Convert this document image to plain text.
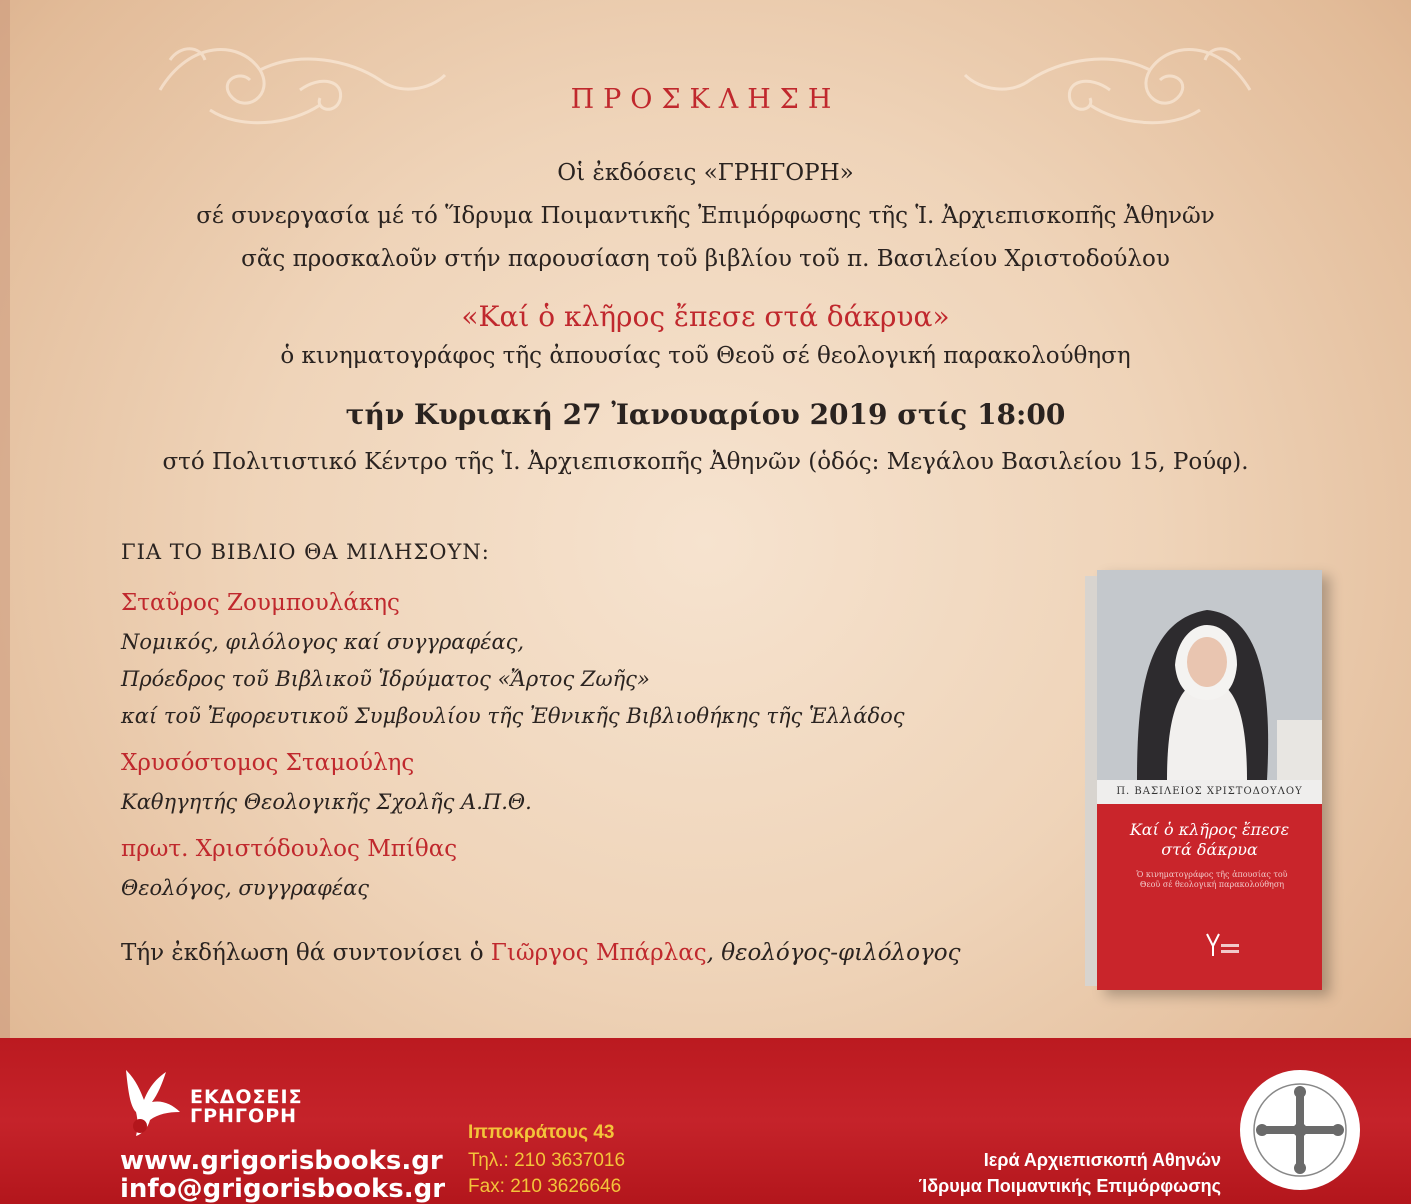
ΠΡΟΣΚΛΗΣΗ
Οἱ ἐκδόσεις «ΓΡΗΓΟΡΗ»
σέ συνεργασία μέ τό Ἵδρυμα Ποιμαντικῆς Ἐπιμόρφωσης τῆς Ἱ. Ἀρχιεπισκοπῆς Ἀθηνῶν
σᾶς προσκαλοῦν στήν παρουσίαση τοῦ βιβλίου τοῦ π. Βασιλείου Χριστοδούλου
«Καί ὁ κλῆρος ἔπεσε στά δάκρυα»
ὁ κινηματογράφος τῆς ἀπουσίας τοῦ Θεοῦ σέ θεολογική παρακολούθηση
τήν Κυριακή 27 Ἰανουαρίου 2019 στίς 18:00
στό Πολιτιστικό Κέντρο τῆς Ἱ. Ἀρχιεπισκοπῆς Ἀθηνῶν (ὁδός: Μεγάλου Βασιλείου 15, Ρούφ).
ΓΙΑ ΤΟ ΒΙΒΛΙΟ ΘΑ ΜΙΛΗΣΟΥΝ:
Σταῦρος Ζουμπουλάκης
Νομικός, φιλόλογος καί συγγραφέας,
Πρόεδρος τοῦ Βιβλικοῦ Ἱδρύματος «Ἄρτος Ζωῆς»
καί τοῦ Ἐφορευτικοῦ Συμβουλίου τῆς Ἐθνικῆς Βιβλιοθήκης τῆς Ἑλλάδος
Χρυσόστομος Σταμούλης
Καθηγητής Θεολογικῆς Σχολῆς Α.Π.Θ.
πρωτ. Χριστόδουλος Μπίθας
Θεολόγος, συγγραφέας
Τήν ἐκδήλωση θά συντονίσει ὁ Γιῶργος Μπάρλας, θεολόγος-φιλόλογος
Π. ΒΑΣΙΛΕΙΟΣ ΧΡΙΣΤΟΔΟΥΛΟΥ
Καί ὁ κλῆρος ἔπεσε
στά δάκρυα
Ὁ κινηματογράφος τῆς ἀπουσίας τοῦ Θεοῦ σέ θεολογική παρακολούθηση
ΕΚΔΟΣΕΙΣ
ΓΡΗΓΟΡΗ
www.grigorisbooks.gr
info@grigorisbooks.gr
Ιπποκράτους 43
Τηλ.: 210 3637016
Fax: 210 3626646
Ιερά Αρχιεπισκοπή Αθηνών
Ίδρυμα Ποιμαντικής Επιμόρφωσης
